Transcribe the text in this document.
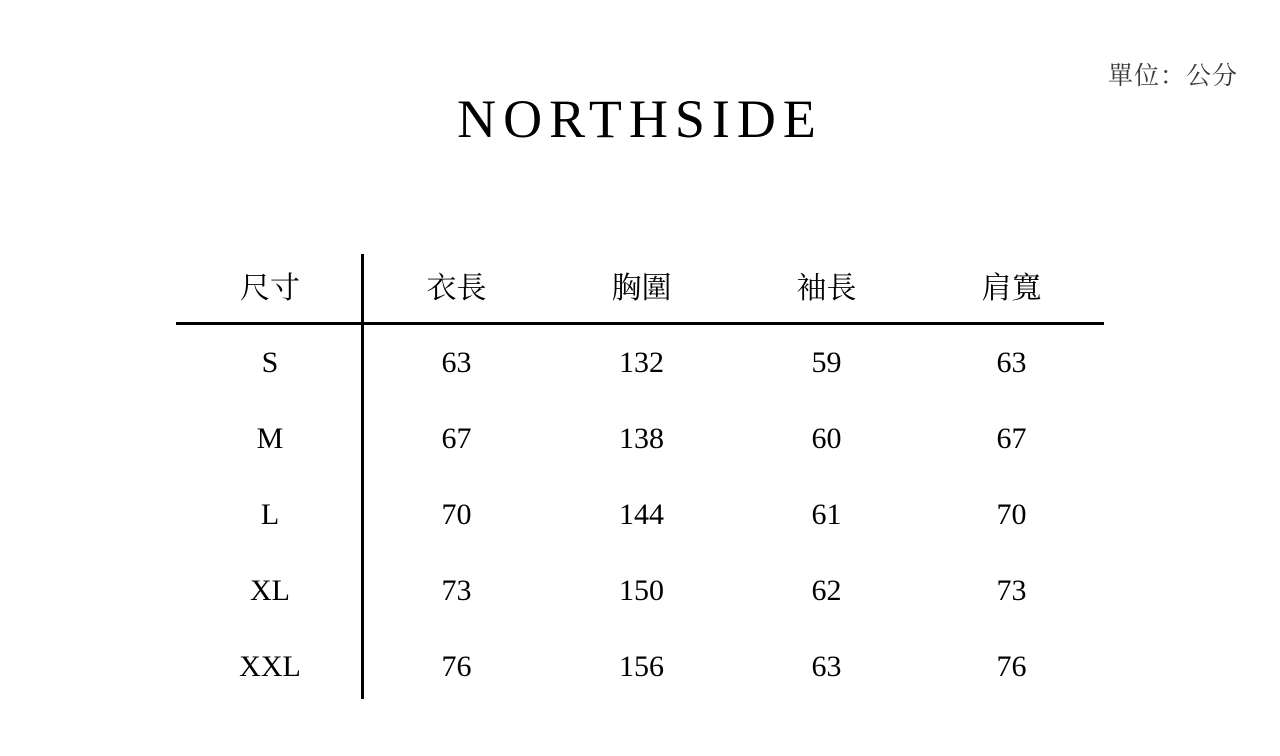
單位：公分
NORTHSIDE
尺寸	衣長	胸圍	袖長	肩寬
S	63	132	59	63
M	67	138	60	67
L	70	144	61	70
XL	73	150	62	73
XXL	76	156	63	76
